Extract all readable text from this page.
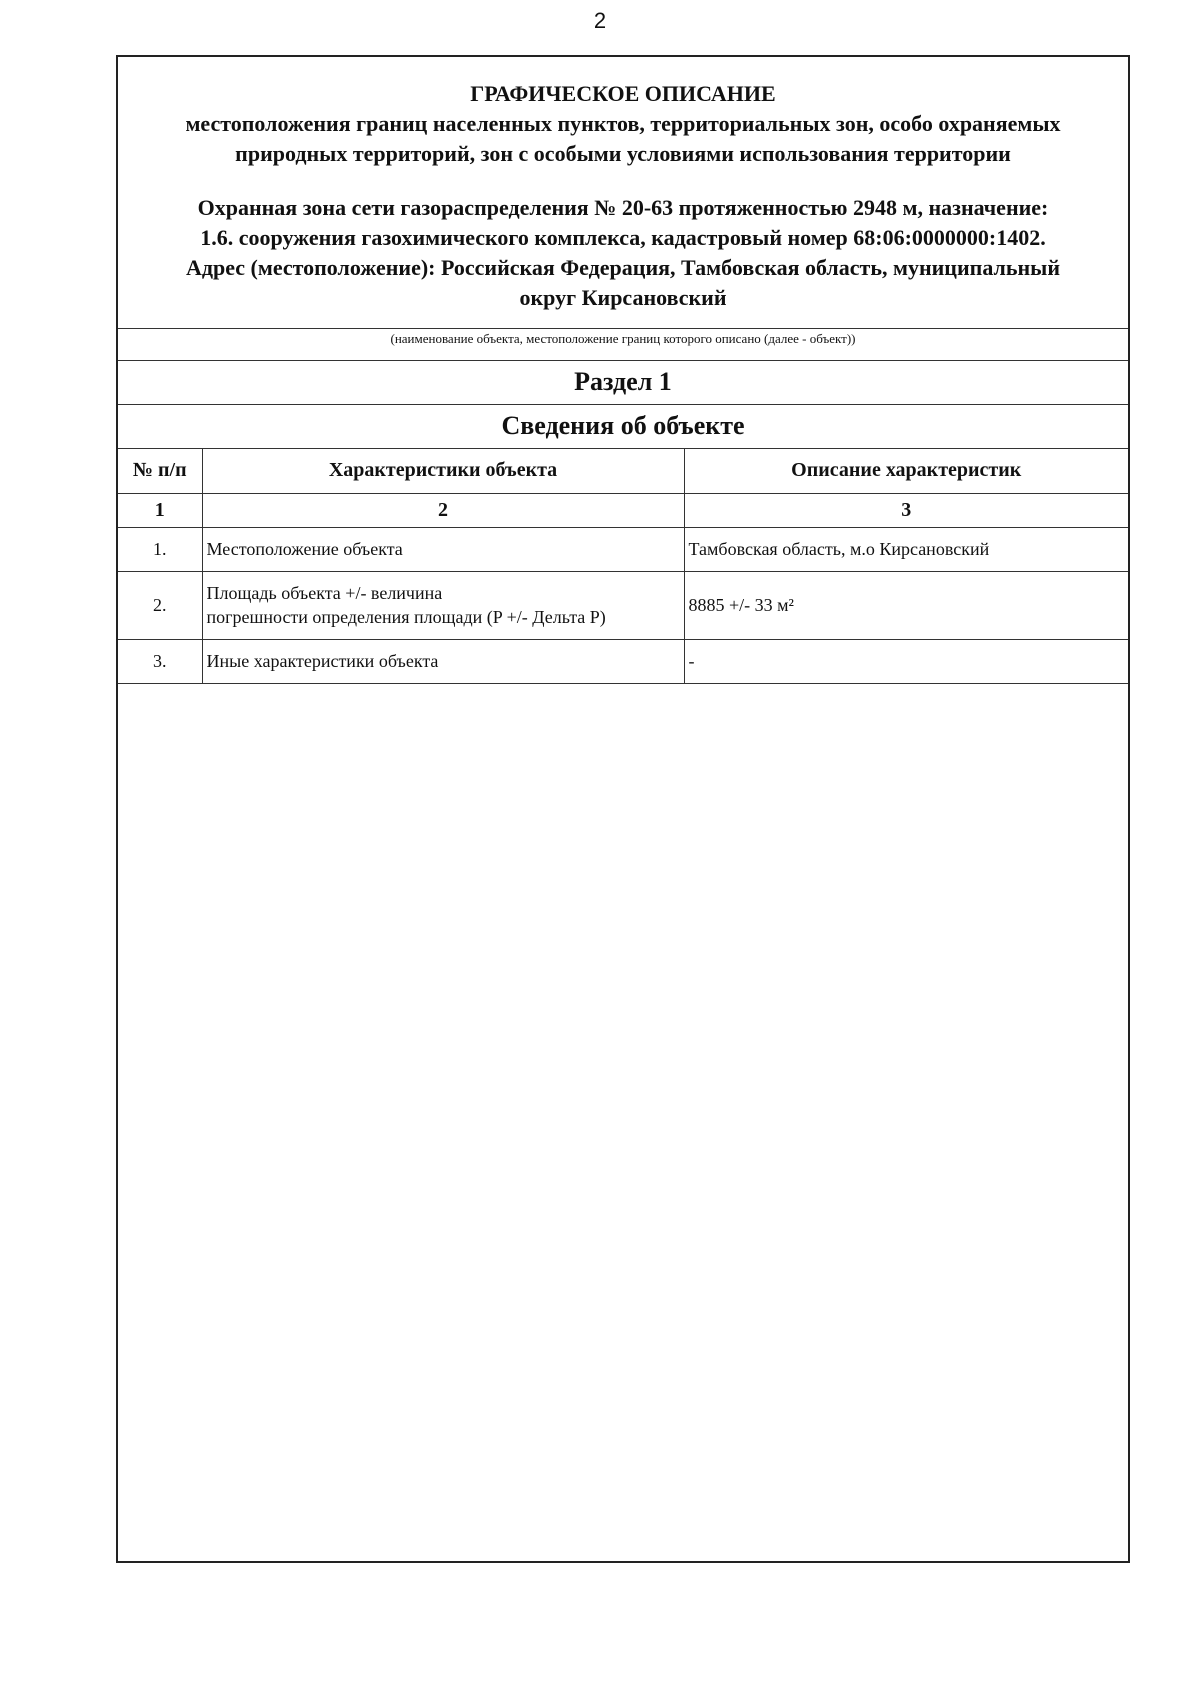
2
ГРАФИЧЕСКОЕ ОПИСАНИЕ
местоположения границ населенных пунктов, территориальных зон, особо охраняемых
природных территорий, зон с особыми условиями использования территории
Охранная зона сети газораспределения № 20-63 протяженностью 2948 м, назначение:
1.6. сооружения газохимического комплекса, кадастровый номер 68:06:0000000:1402.
Адрес (местоположение): Российская Федерация, Тамбовская область, муниципальный
округ Кирсановский
(наименование объекта, местоположение границ которого описано (далее - объект))
Раздел 1
Сведения об объекте
№ п/п	Характеристики объекта	Описание характеристик
1	2	3
1.	Местоположение объекта	Тамбовская область, м.о Кирсановский
2.	Площадь объекта +/- величина
погрешности определения площади (P +/- Дельта P)	8885 +/- 33 м²
3.	Иные характеристики объекта	-
